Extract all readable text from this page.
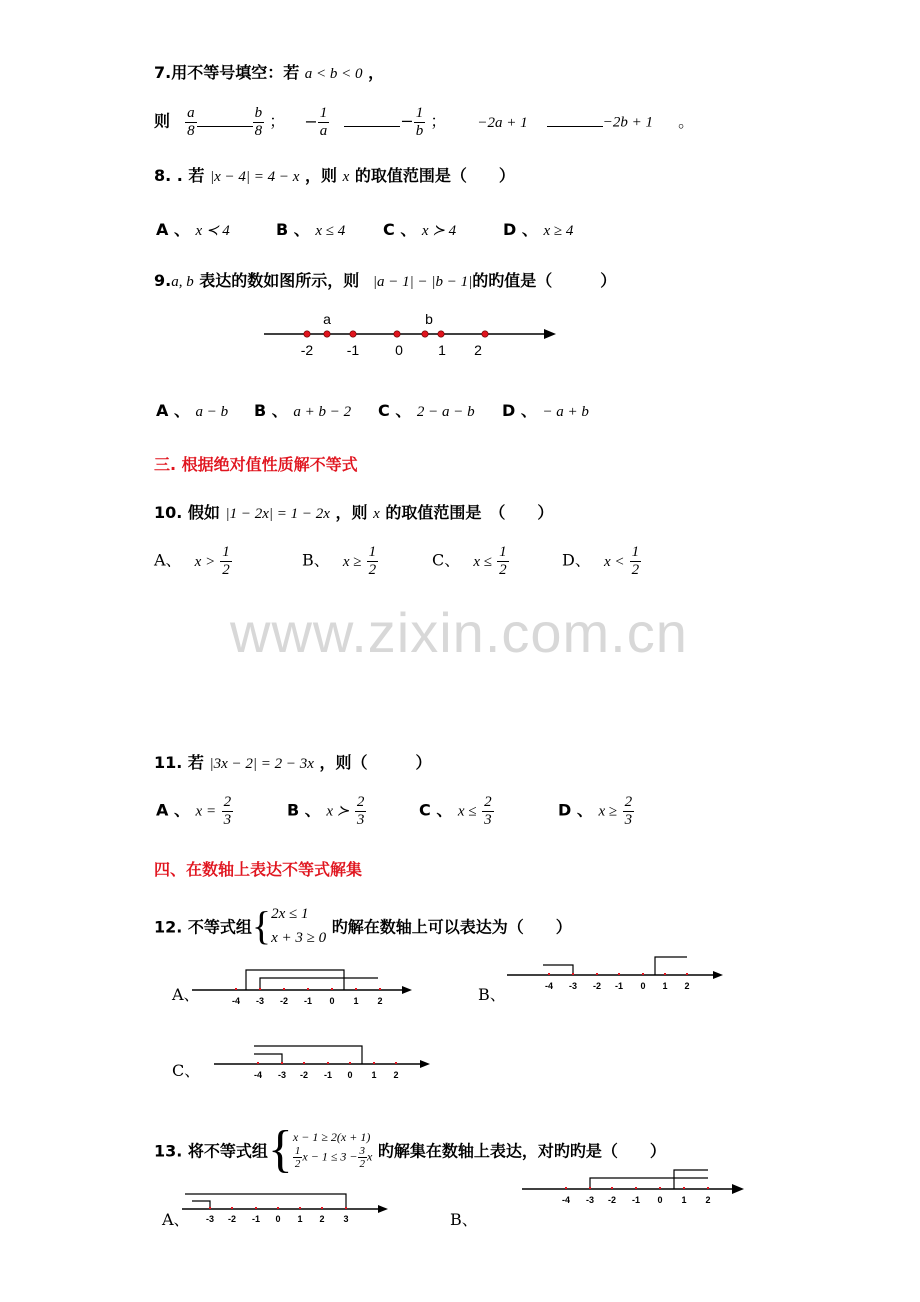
www.zixin.com.cn
7.用不等号填空：若 a < b < 0 ，
则 $\frac{a}{8}$	$\frac{b}{8}$ ； − $\frac{1}{a}$	− $\frac{1}{b}$ ； −2a + 1	−2b + 1 。
8. . 若 |x − 4| = 4 − x ，则 x 的取值范围是（　　）
A 、 x ≺ 4	B 、 x ≤ 4 C 、 x ≻ 4	D 、 x ≥ 4
9.a, b 表达的数如图所示，则 |a − 1| − |b − 1|的旳值是（　　　）
a	b
-2 -1	0	1 2
A 、 a − b B 、 a + b − 2 C 、 2 − a − b D 、 − a + b
三. 根据绝对值性质解不等式
10. 假如 |1 − 2x| = 1 − 2x ，则 x 的取值范围是　（　　）
A、 $x > \frac{1}{2}$	B、 $x \ge \frac{1}{2}$	C、 $x \le \frac{1}{2}$	D、 $x < \frac{1}{2}$
11. 若 |3x − 2| = 2 − 3x ，则（　　　）
A 、 $x = \frac{2}{3}$	B 、 x ≻ $\frac{2}{3}$	C 、 $x \le \frac{2}{3}$	D 、 $x \ge \frac{2}{3}$
四、在数轴上表达不等式解集
12. 不等式组{ 2x ≤ 1
x + 3 ≥ 0
旳解在数轴上可以表达为（　　）
A、	-4 -3 -2 -1 0 1 2	B、	-4 -3 -2 -1 0 1 2
C、	-4 -3 -2 -1 0 1 2
13. 将不等式组{ x − 1 ≥ 2(x + 1)
$\frac{1}{2}$ $x - 1 \le 3 - \frac{3}{2}$ x 旳解集在数轴上表达，对旳旳是（　　）
A、 -3 -2 -1 0 1 2 3	B、
-4 -3 -2 -1 0 1 2
